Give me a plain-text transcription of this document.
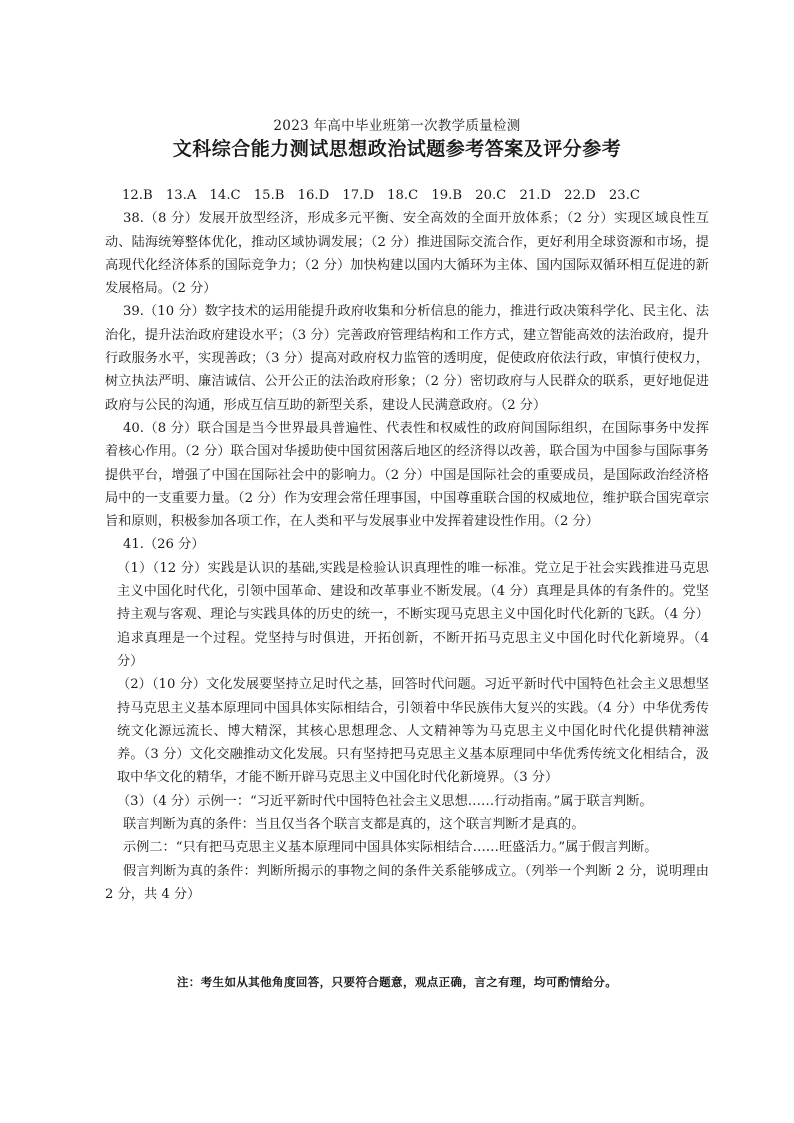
2023 年高中毕业班第一次教学质量检测
文科综合能力测试思想政治试题参考答案及评分参考

12.B　13.A　14.C　15.B　16.D　17.D　18.C　19.B　20.C　21.D　22.D　23.C

38.（8 分）发展开放型经济，形成多元平衡、安全高效的全面开放体系；（2 分）实现区域良性互动、陆海统筹整体优化，推动区域协调发展；（2 分）推进国际交流合作，更好利用全球资源和市场，提高现代化经济体系的国际竞争力；（2 分）加快构建以国内大循环为主体、国内国际双循环相互促进的新发展格局。（2 分）

39.（10 分）数字技术的运用能提升政府收集和分析信息的能力，推进行政决策科学化、民主化、法治化，提升法治政府建设水平；（3 分）完善政府管理结构和工作方式，建立智能高效的法治政府，提升行政服务水平，实现善政；（3 分）提高对政府权力监管的透明度，促使政府依法行政，审慎行使权力，树立执法严明、廉洁诚信、公开公正的法治政府形象；（2 分）密切政府与人民群众的联系，更好地促进政府与公民的沟通，形成互信互助的新型关系，建设人民满意政府。（2 分）

40.（8 分）联合国是当今世界最具普遍性、代表性和权威性的政府间国际组织，在国际事务中发挥着核心作用。（2 分）联合国对华援助使中国贫困落后地区的经济得以改善，联合国为中国参与国际事务提供平台，增强了中国在国际社会中的影响力。（2 分）中国是国际社会的重要成员，是国际政治经济格局中的一支重要力量。（2 分）作为安理会常任理事国，中国尊重联合国的权威地位，维护联合国宪章宗旨和原则，积极参加各项工作，在人类和平与发展事业中发挥着建设性作用。（2 分）

41.（26 分）

（1）（12 分）实践是认识的基础,实践是检验认识真理性的唯一标准。党立足于社会实践推进马克思主义中国化时代化，引领中国革命、建设和改革事业不断发展。（4 分）真理是具体的有条件的。党坚持主观与客观、理论与实践具体的历史的统一，不断实现马克思主义中国化时代化新的飞跃。（4 分）追求真理是一个过程。党坚持与时俱进，开拓创新，不断开拓马克思主义中国化时代化新境界。（4 分）

（2）（10 分）文化发展要坚持立足时代之基，回答时代问题。习近平新时代中国特色社会主义思想坚持马克思主义基本原理同中国具体实际相结合，引领着中华民族伟大复兴的实践。（4 分）中华优秀传统文化源远流长、博大精深，其核心思想理念、人文精神等为马克思主义中国化时代化提供精神滋养。（3 分）文化交融推动文化发展。只有坚持把马克思主义基本原理同中华优秀传统文化相结合，汲取中华文化的精华，才能不断开辟马克思主义中国化时代化新境界。（3 分）

（3）（4 分）示例一：“习近平新时代中国特色社会主义思想……行动指南。”属于联言判断。

联言判断为真的条件：当且仅当各个联言支都是真的，这个联言判断才是真的。

示例二：“只有把马克思主义基本原理同中国具体实际相结合……旺盛活力。”属于假言判断。

假言判断为真的条件：判断所揭示的事物之间的条件关系能够成立。（列举一个判断 2 分，说明理由 2 分，共 4 分）

注：考生如从其他角度回答，只要符合题意，观点正确，言之有理，均可酌情给分。
